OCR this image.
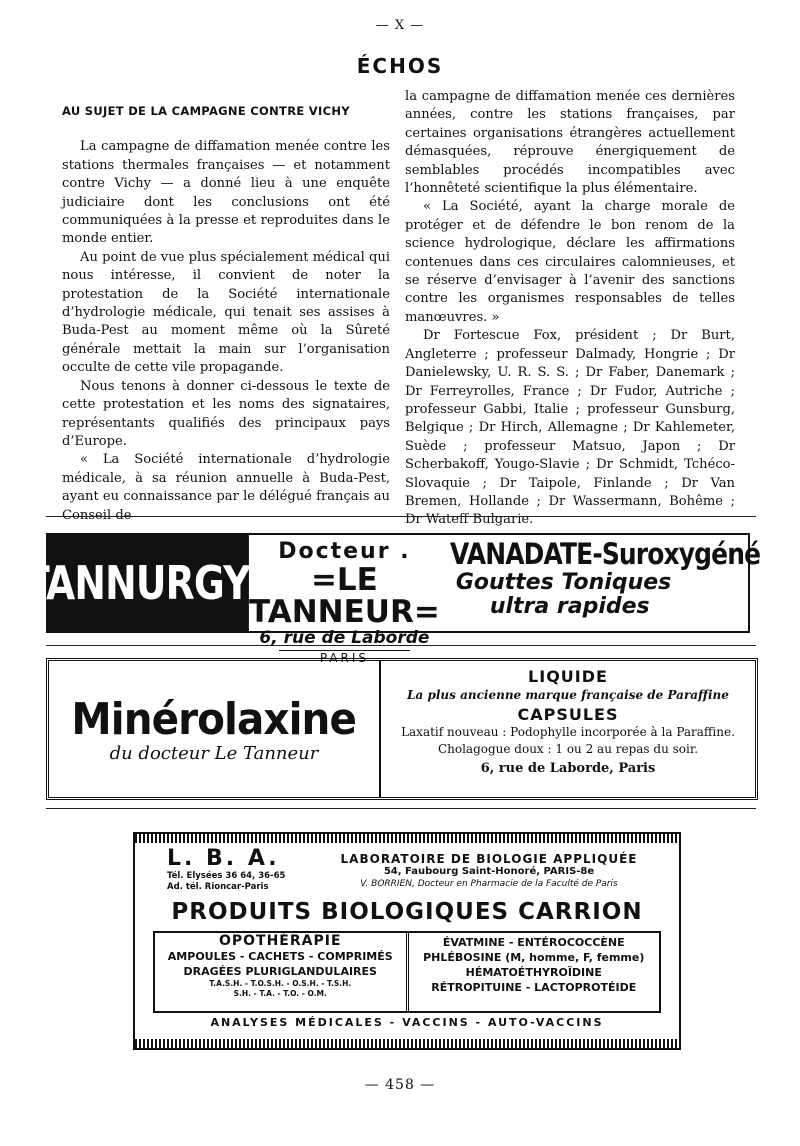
— X —
ÉCHOS
AU SUJET DE LA CAMPAGNE CONTRE VICHY

La campagne de diffamation menée contre les stations thermales françaises — et notamment contre Vichy — a donné lieu à une enquête judiciaire dont les conclusions ont été communiquées à la presse et reproduites dans le monde entier.

Au point de vue plus spécialement médical qui nous intéresse, il convient de noter la protestation de la Société internationale d’hydrologie médicale, qui tenait ses assises à Buda-Pest au moment même où la Sûreté générale mettait la main sur l’organisation occulte de cette vile propagande.

Nous tenons à donner ci-dessous le texte de cette protestation et les noms des signataires, représentants qualifiés des principaux pays d’Europe.

« La Société internationale d’hydrologie médicale, à sa réunion annuelle à Buda-Pest, ayant eu connaissance par le délégué français au Conseil de

la campagne de diffamation menée ces dernières années, contre les stations françaises, par certaines organisations étrangères actuellement démasquées, réprouve énergiquement de semblables procédés incompatibles avec l’honnêteté scientifique la plus élémentaire.

« La Société, ayant la charge morale de protéger et de défendre le bon renom de la science hydrologique, déclare les affirmations contenues dans ces circulaires calomnieuses, et se réserve d’envisager à l’avenir des sanctions contre les organismes responsables de telles manœuvres. »

Dr Fortescue Fox, président ; Dr Burt, Angleterre ; professeur Dalmady, Hongrie ; Dr Danielewsky, U. R. S. S. ; Dr Faber, Danemark ; Dr Ferreyrolles, France ; Dr Fudor, Autriche ; professeur Gabbi, Italie ; professeur Gunsburg, Belgique ; Dr Hirch, Allemagne ; Dr Kahlemeter, Suède ; professeur Matsuo, Japon ; Dr Scherbakoff, Yougo-Slavie ; Dr Schmidt, Tchéco-Slovaquie ; Dr Taipole, Finlande ; Dr Van Bremen, Hollande ; Dr Wassermann, Bohême ; Dr Wateff Bulgarie.

TANNURGYL
Docteur .
=LE TANNEUR=
6, rue de Laborde
PARIS
VANADATE-Suroxygéné
Gouttes Toniques
ultra rapides
Minérolaxine
du docteur Le Tanneur
LIQUIDE
La plus ancienne marque française de Paraffine
CAPSULES
Laxatif nouveau : Podophylle incorporée à la Paraffine.
Cholagogue doux : 1 ou 2 au repas du soir.
6, rue de Laborde, Paris
L. B. A.
Tél. Elysées 36 64, 36-65
Ad. tél. Rioncar-Paris
LABORATOIRE DE BIOLOGIE APPLIQUÉE
54, Faubourg Saint-Honoré, PARIS-8e
V. BORRIEN, Docteur en Pharmacie de la Faculté de Paris
PRODUITS BIOLOGIQUES CARRION
OPOTHÉRAPIE
AMPOULES - CACHETS - COMPRIMÉS
DRAGÉES PLURIGLANDULAIRES
T.A.S.H. - T.O.S.H. - O.S.H. - T.S.H.
S.H. - T.A. - T.O. - O.M.
ÉVATMINE - ENTÉROCOCCÈNE
PHLÉBOSINE (M, homme, F, femme)
HÉMATOÉTHYROÏDINE
RÉTROPITUINE - LACTOPROTÉIDE
ANALYSES MÉDICALES - VACCINS - AUTO-VACCINS
— 458 —
